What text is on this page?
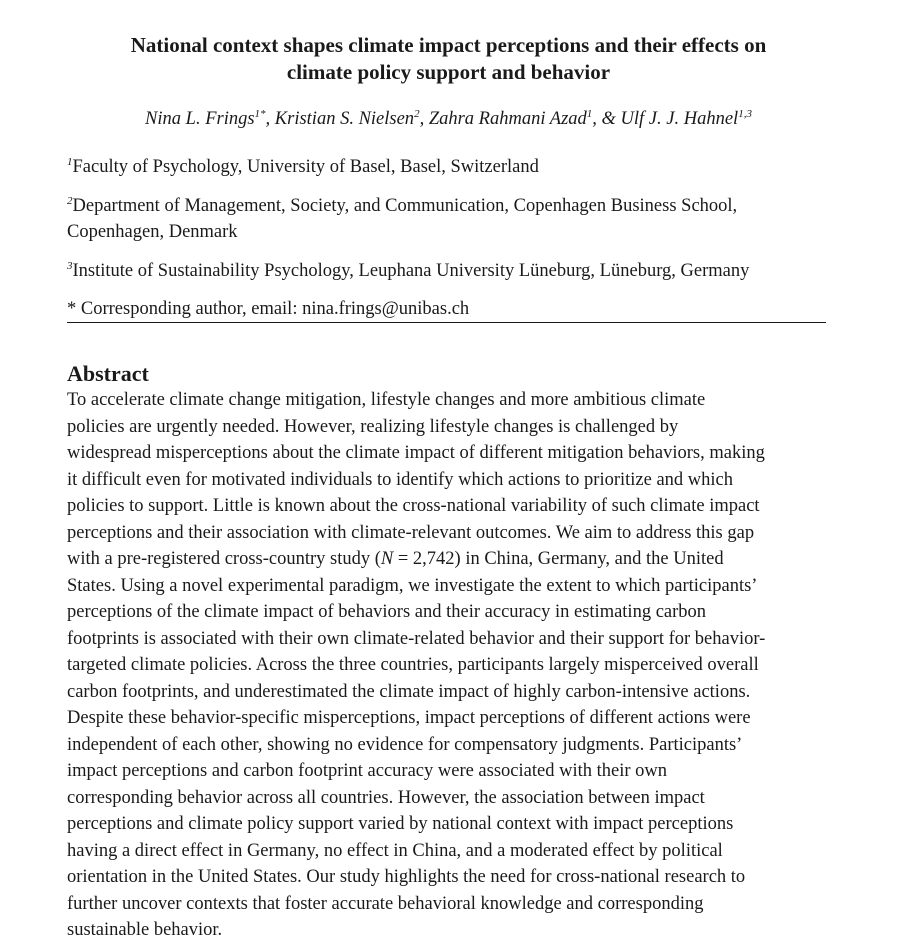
National context shapes climate impact perceptions and their effects on
climate policy support and behavior
Nina L. Frings$^{1*}$, Kristian S. Nielsen$^2$, Zahra Rahmani Azad$^1$, & Ulf J. J. Hahnel$^{1,3}$
$^1$Faculty of Psychology, University of Basel, Basel, Switzerland
$^2$Department of Management, Society, and Communication, Copenhagen Business School,
Copenhagen, Denmark
$^3$Institute of Sustainability Psychology, Leuphana University Lüneburg, Lüneburg, Germany
* Corresponding author, email: nina.frings@unibas.ch
Abstract

To accelerate climate change mitigation, lifestyle changes and more ambitious climate
policies are urgently needed. However, realizing lifestyle changes is challenged by
widespread misperceptions about the climate impact of different mitigation behaviors, making
it difficult even for motivated individuals to identify which actions to prioritize and which
policies to support. Little is known about the cross-national variability of such climate impact
perceptions and their association with climate-relevant outcomes. We aim to address this gap
with a pre-registered cross-country study (N = 2,742) in China, Germany, and the United
States. Using a novel experimental paradigm, we investigate the extent to which participants’
perceptions of the climate impact of behaviors and their accuracy in estimating carbon
footprints is associated with their own climate-related behavior and their support for behavior-
targeted climate policies. Across the three countries, participants largely misperceived overall
carbon footprints, and underestimated the climate impact of highly carbon-intensive actions.
Despite these behavior-specific misperceptions, impact perceptions of different actions were
independent of each other, showing no evidence for compensatory judgments. Participants’
impact perceptions and carbon footprint accuracy were associated with their own
corresponding behavior across all countries. However, the association between impact
perceptions and climate policy support varied by national context with impact perceptions
having a direct effect in Germany, no effect in China, and a moderated effect by political
orientation in the United States. Our study highlights the need for cross-national research to
further uncover contexts that foster accurate behavioral knowledge and corresponding
sustainable behavior.
